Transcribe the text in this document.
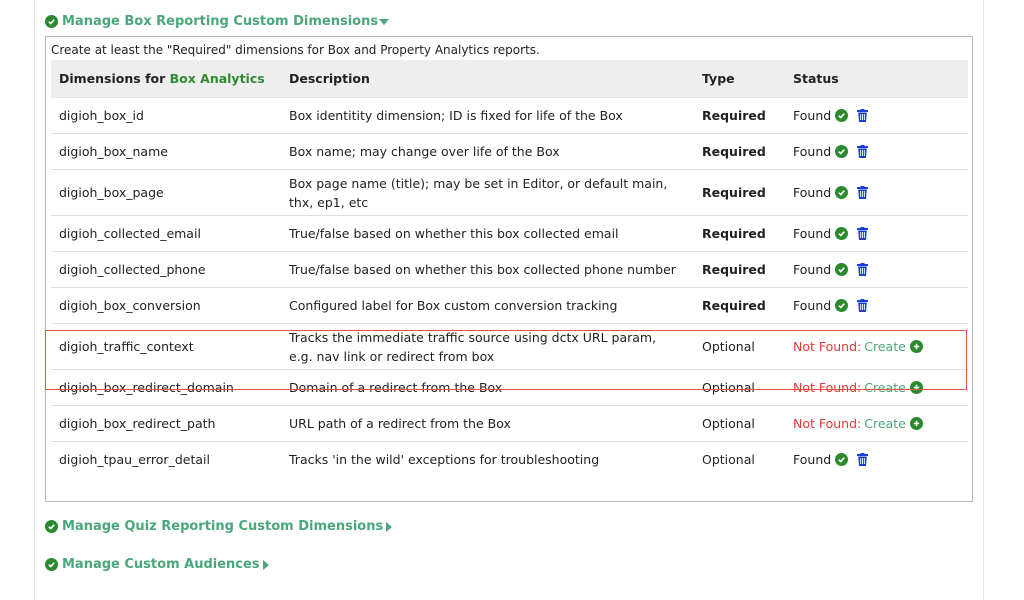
Manage Box Reporting Custom Dimensions
Create at least the "Required" dimensions for Box and Property Analytics reports.
Dimensions for Box Analytics	Description	Type	Status
digioh_box_id	Box identitity dimension; ID is fixed for life of the Box	Required	Found

digioh_box_name	Box name; may change over life of the Box	Required	Found

digioh_box_page	Box page name (title); may be set in Editor, or default main, thx, ep1, etc	Required	Found

digioh_collected_email	True/false based on whether this box collected email	Required	Found

digioh_collected_phone	True/false based on whether this box collected phone number	Required	Found

digioh_box_conversion	Configured label for Box custom conversion tracking	Required	Found

digioh_traffic_context	Tracks the immediate traffic source using dctx URL param, e.g. nav link or redirect from box	Optional	Not Found: Create

digioh_box_redirect_domain	Domain of a redirect from the Box	Optional	Not Found: Create

digioh_box_redirect_path	URL path of a redirect from the Box	Optional	Not Found: Create

digioh_tpau_error_detail	Tracks 'in the wild' exceptions for troubleshooting	Optional	Found
Manage Quiz Reporting Custom Dimensions
Manage Custom Audiences
